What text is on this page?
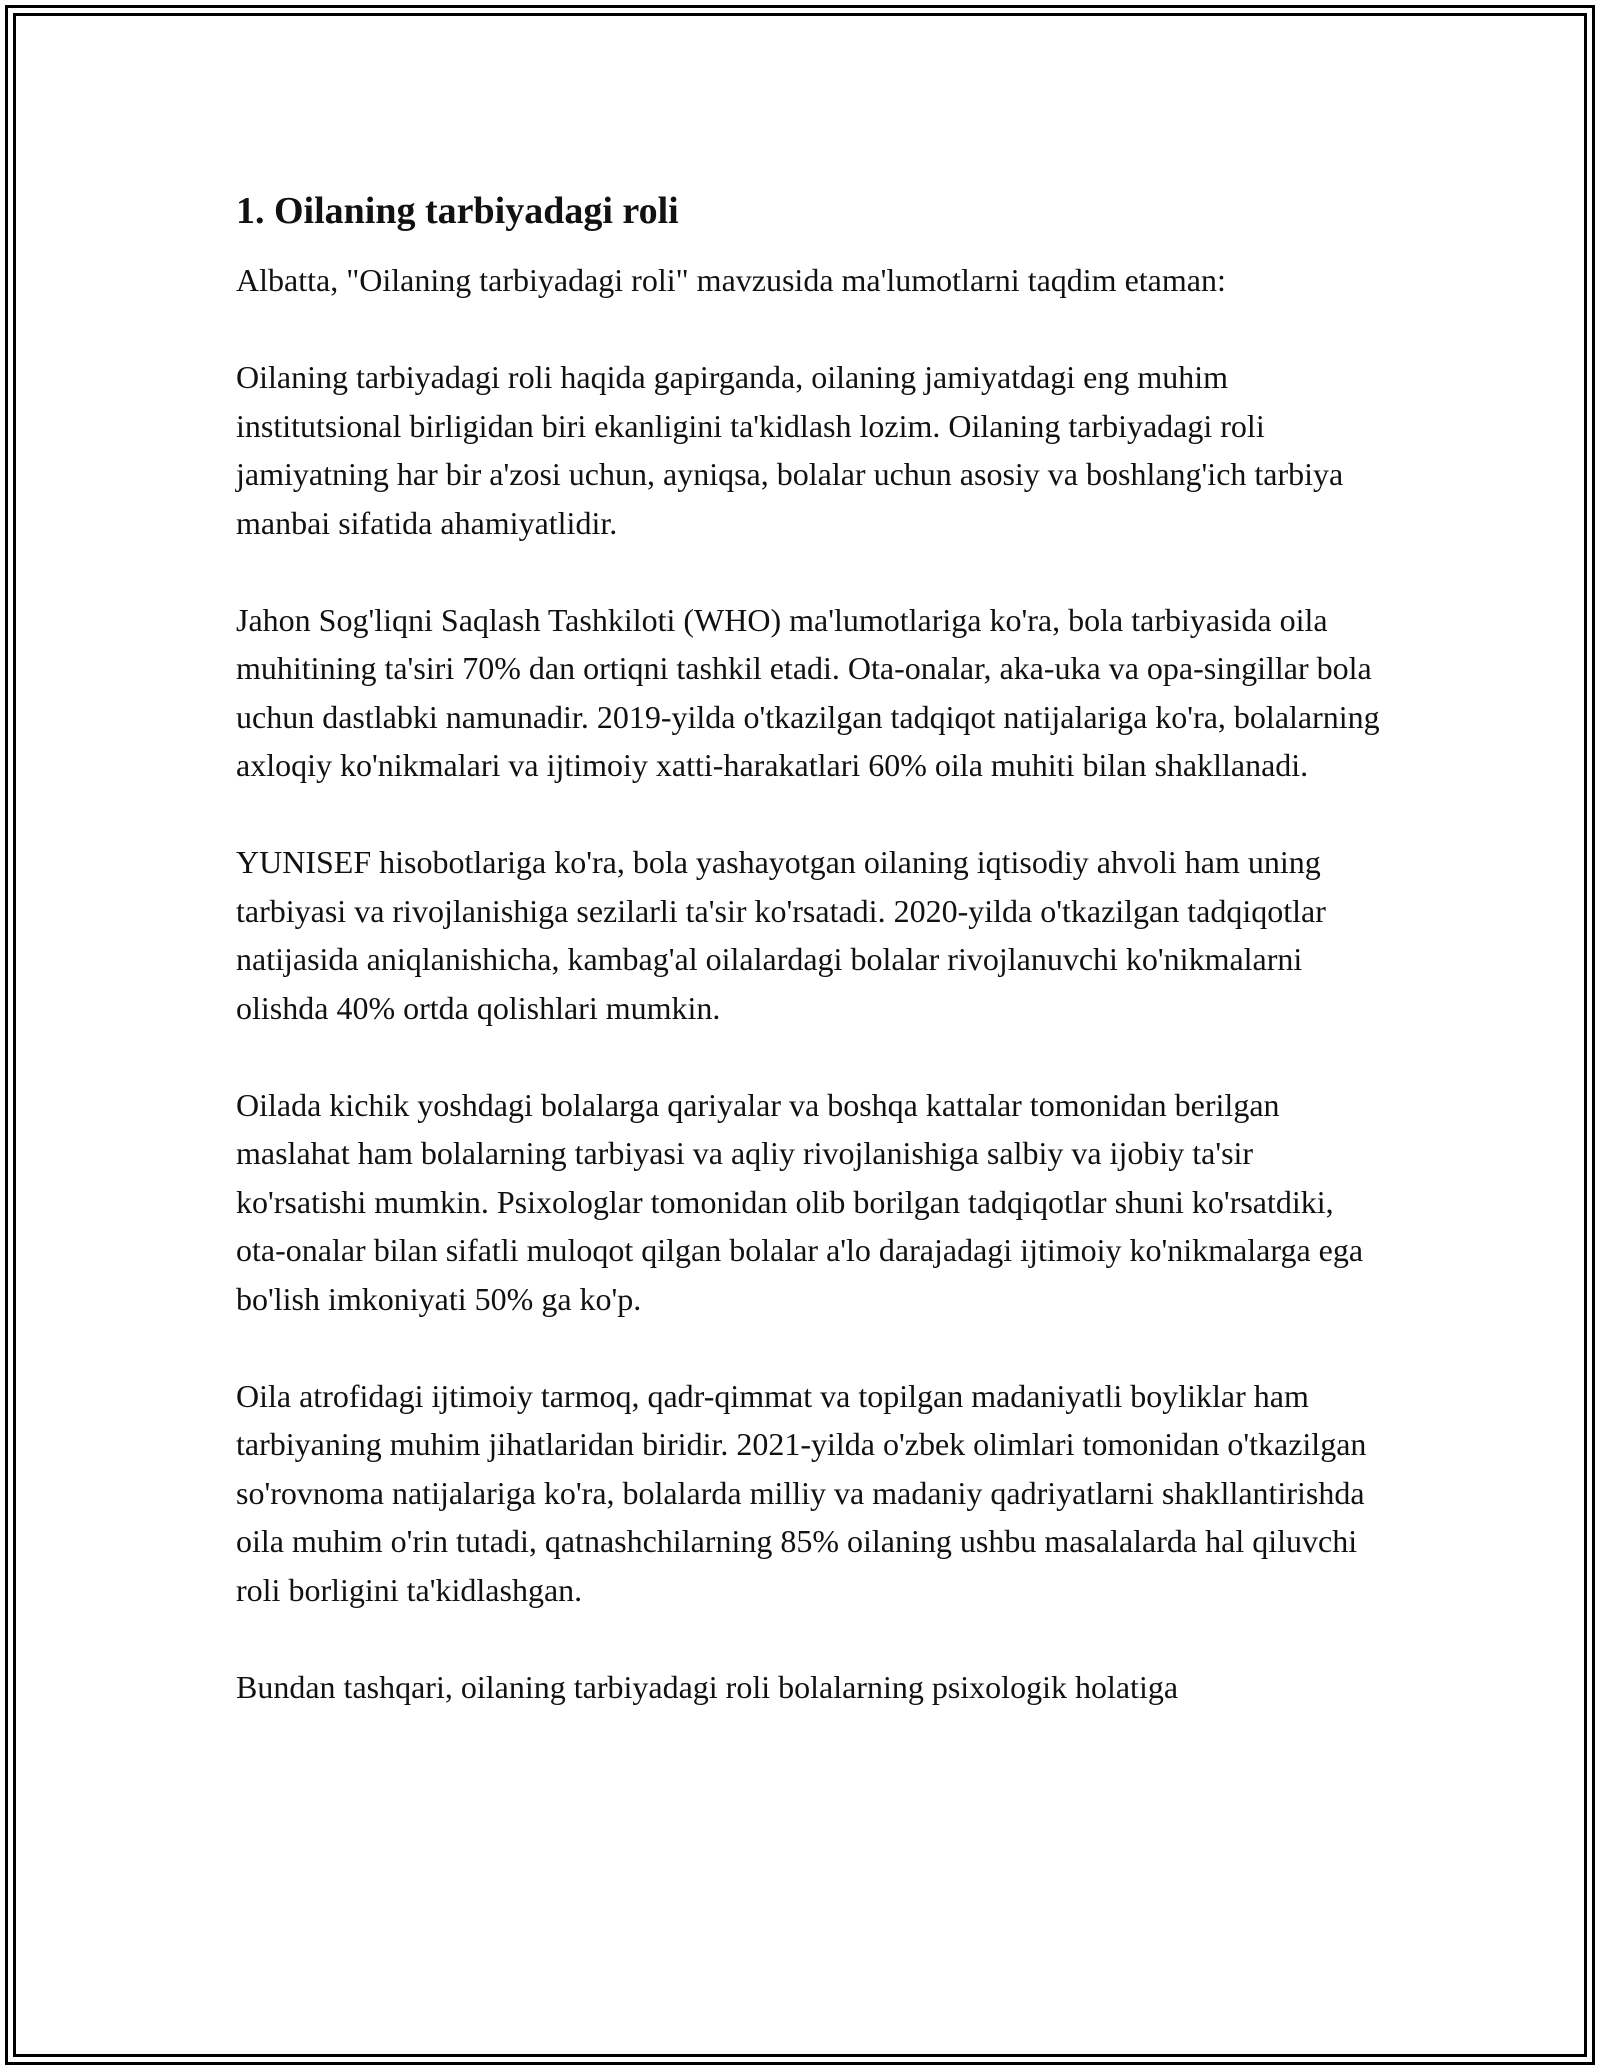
1. Oilaning tarbiyadagi roli

Albatta, "Oilaning tarbiyadagi roli" mavzusida ma'lumotlarni taqdim etaman:

Oilaning tarbiyadagi roli haqida gapirganda, oilaning jamiyatdagi eng muhim institutsional birligidan biri ekanligini ta'kidlash lozim. Oilaning tarbiyadagi roli jamiyatning har bir a'zosi uchun, ayniqsa, bolalar uchun asosiy va boshlang'ich tarbiya manbai sifatida ahamiyatlidir.

Jahon Sog'liqni Saqlash Tashkiloti (WHO) ma'lumotlariga ko'ra, bola tarbiyasida oila muhitining ta'siri 70% dan ortiqni tashkil etadi. Ota-onalar, aka-uka va opa-singillar bola uchun dastlabki namunadir. 2019-yilda o'tkazilgan tadqiqot natijalariga ko'ra, bolalarning axloqiy ko'nikmalari va ijtimoiy xatti-harakatlari 60% oila muhiti bilan shakllanadi.

YUNISEF hisobotlariga ko'ra, bola yashayotgan oilaning iqtisodiy ahvoli ham uning tarbiyasi va rivojlanishiga sezilarli ta'sir ko'rsatadi. 2020-yilda o'tkazilgan tadqiqotlar natijasida aniqlanishicha, kambag'al oilalardagi bolalar rivojlanuvchi ko'nikmalarni olishda 40% ortda qolishlari mumkin.

Oilada kichik yoshdagi bolalarga qariyalar va boshqa kattalar tomonidan berilgan maslahat ham bolalarning tarbiyasi va aqliy rivojlanishiga salbiy va ijobiy ta'sir ko'rsatishi mumkin. Psixologlar tomonidan olib borilgan tadqiqotlar shuni ko'rsatdiki, ota-onalar bilan sifatli muloqot qilgan bolalar a'lo darajadagi ijtimoiy ko'nikmalarga ega bo'lish imkoniyati 50% ga ko'p.

Oila atrofidagi ijtimoiy tarmoq, qadr-qimmat va topilgan madaniyatli boyliklar ham tarbiyaning muhim jihatlaridan biridir. 2021-yilda o'zbek olimlari tomonidan o'tkazilgan so'rovnoma natijalariga ko'ra, bolalarda milliy va madaniy qadriyatlarni shakllantirishda oila muhim o'rin tutadi, qatnashchilarning 85% oilaning ushbu masalalarda hal qiluvchi roli borligini ta'kidlashgan.

Bundan tashqari, oilaning tarbiyadagi roli bolalarning psixologik holatiga
